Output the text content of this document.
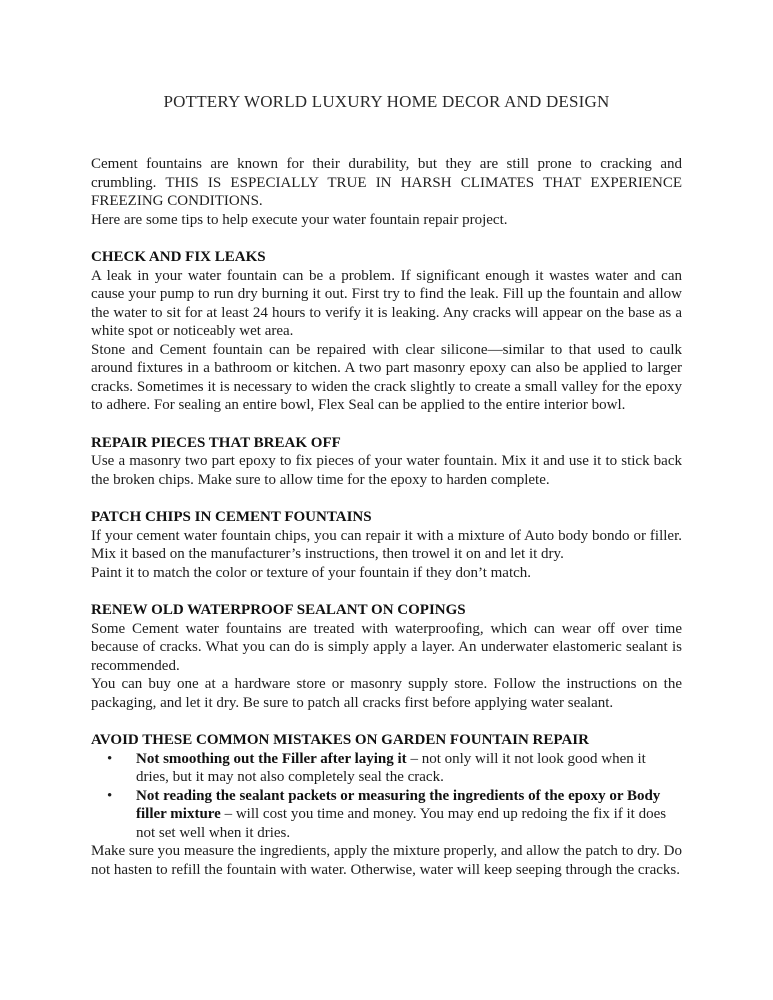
POTTERY WORLD LUXURY HOME DECOR AND DESIGN

Cement fountains are known for their durability, but they are still prone to cracking and crumbling. THIS IS ESPECIALLY TRUE IN HARSH CLIMATES THAT EXPERIENCE FREEZING CONDITIONS.

Here are some tips to help execute your water fountain repair project.

CHECK AND FIX LEAKS

A leak in your water fountain can be a problem. If significant enough it wastes water and can cause your pump to run dry burning it out. First try to find the leak. Fill up the fountain and allow the water to sit for at least 24 hours to verify it is leaking. Any cracks will appear on the base as a white spot or noticeably wet area.

Stone and Cement fountain can be repaired with clear silicone—similar to that used to caulk around fixtures in a bathroom or kitchen. A two part masonry epoxy can also be applied to larger cracks. Sometimes it is necessary to widen the crack slightly to create a small valley for the epoxy to adhere. For sealing an entire bowl, Flex Seal can be applied to the entire interior bowl.

REPAIR PIECES THAT BREAK OFF

Use a masonry two part epoxy to fix pieces of your water fountain. Mix it and use it to stick back the broken chips. Make sure to allow time for the epoxy to harden complete.

PATCH CHIPS IN CEMENT FOUNTAINS

If your cement water fountain chips, you can repair it with a mixture of Auto body bondo or filler. Mix it based on the manufacturer’s instructions, then trowel it on and let it dry.

Paint it to match the color or texture of your fountain if they don’t match.

RENEW OLD WATERPROOF SEALANT ON COPINGS

Some Cement water fountains are treated with waterproofing, which can wear off over time because of cracks. What you can do is simply apply a layer. An underwater elastomeric sealant is recommended.

You can buy one at a hardware store or masonry supply store. Follow the instructions on the packaging, and let it dry. Be sure to patch all cracks first before applying water sealant.

AVOID THESE COMMON MISTAKES ON GARDEN FOUNTAIN REPAIR
• Not smoothing out the Filler after laying it – not only will it not look good when it dries, but it may not also completely seal the crack.
• Not reading the sealant packets or measuring the ingredients of the epoxy or Body filler mixture – will cost you time and money. You may end up redoing the fix if it does not set well when it dries.

Make sure you measure the ingredients, apply the mixture properly, and allow the patch to dry. Do not hasten to refill the fountain with water. Otherwise, water will keep seeping through the cracks.
